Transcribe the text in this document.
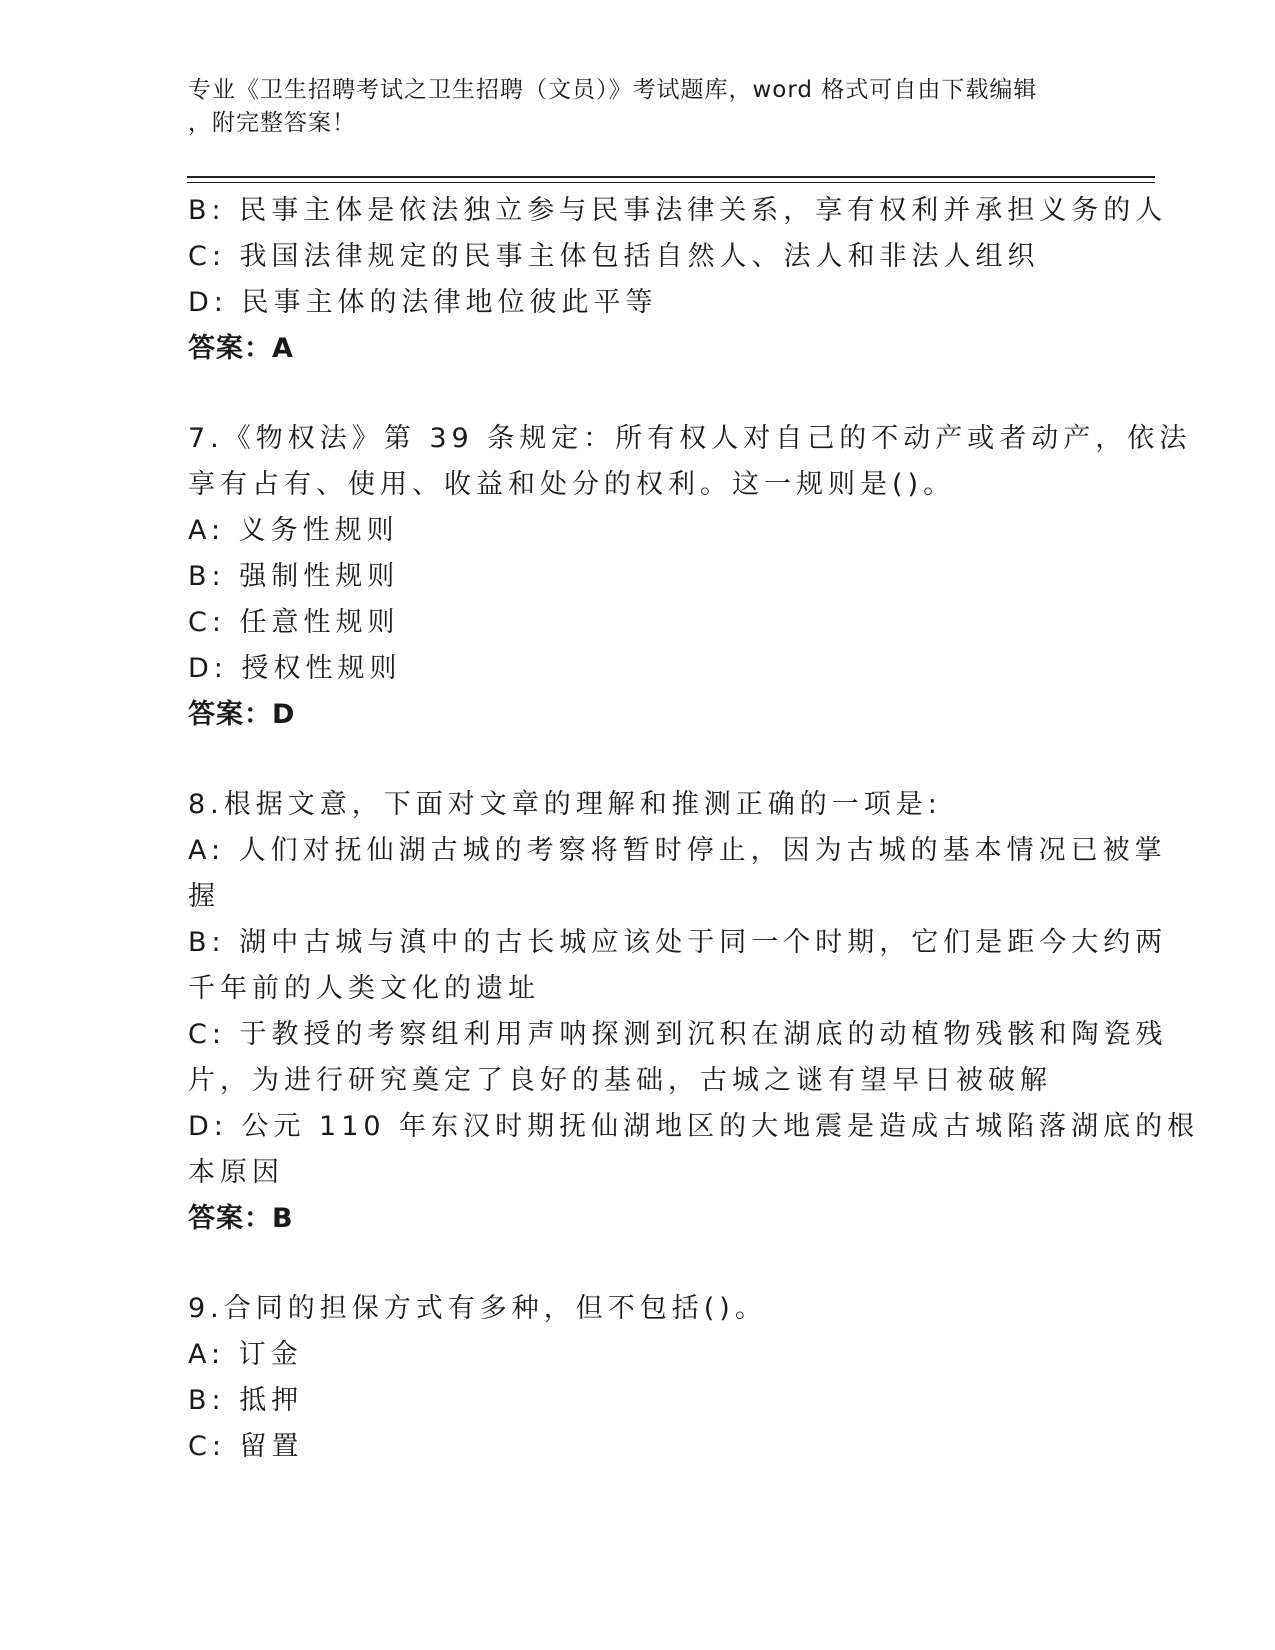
专业《卫生招聘考试之卫生招聘（文员）》考试题库，word 格式可自由下载编辑
，附完整答案！
B: 民事主体是依法独立参与民事法律关系，享有权利并承担义务的人
C: 我国法律规定的民事主体包括自然人、法人和非法人组织
D: 民事主体的法律地位彼此平等
答案：A
7.《物权法》第 39 条规定：所有权人对自己的不动产或者动产，依法
享有占有、使用、收益和处分的权利。这一规则是()。
A: 义务性规则
B: 强制性规则
C: 任意性规则
D: 授权性规则
答案：D
8.根据文意，下面对文章的理解和推测正确的一项是:
A: 人们对抚仙湖古城的考察将暂时停止，因为古城的基本情况已被掌
握
B: 湖中古城与滇中的古长城应该处于同一个时期，它们是距今大约两
千年前的人类文化的遗址
C: 于教授的考察组利用声呐探测到沉积在湖底的动植物残骸和陶瓷残
片，为进行研究奠定了良好的基础，古城之谜有望早日被破解
D: 公元 110 年东汉时期抚仙湖地区的大地震是造成古城陷落湖底的根
本原因
答案：B
9.合同的担保方式有多种，但不包括()。
A: 订金
B: 抵押
C: 留置
